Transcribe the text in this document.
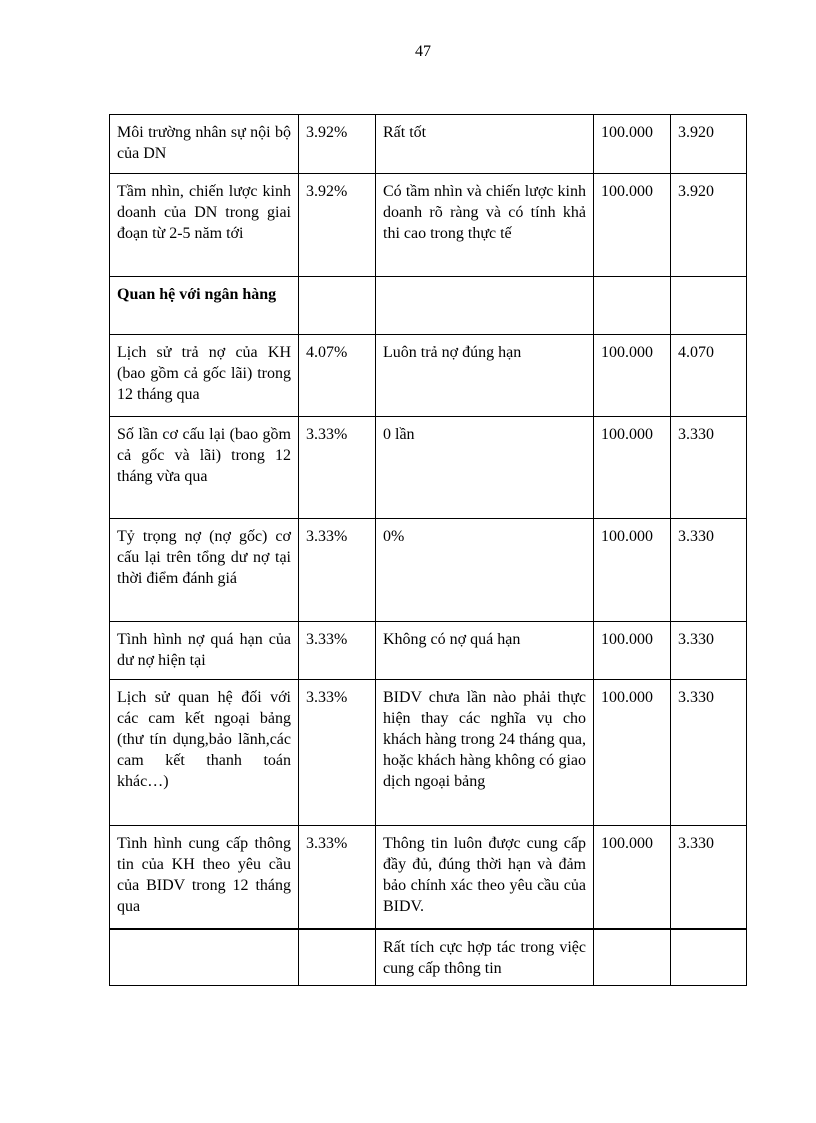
47
Môi trường nhân sự nội bộ của DN	3.92%	Rất tốt	100.000	3.920
Tầm nhìn, chiến lược kinh doanh của DN trong giai đoạn từ 2-5 năm tới	3.92%	Có tầm nhìn và chiến lược kinh doanh rõ ràng và có tính khả thi cao trong thực tế	100.000	3.920
Quan hệ với ngân hàng				
Lịch sử trả nợ của KH (bao gồm cả gốc lãi) trong 12 tháng qua	4.07%	Luôn trả nợ đúng hạn	100.000	4.070
Số lần cơ cấu lại (bao gồm cả gốc và lãi) trong 12 tháng vừa qua	3.33%	0 lần	100.000	3.330
Tỷ trọng nợ (nợ gốc) cơ cấu lại trên tổng dư nợ tại thời điểm đánh giá	3.33%	0%	100.000	3.330
Tình hình nợ quá hạn của dư nợ hiện tại	3.33%	Không có nợ quá hạn	100.000	3.330
Lịch sử quan hệ đối với các cam kết ngoại bảng (thư tín dụng,bảo lãnh,các cam kết thanh toán khác…)	3.33%	BIDV chưa lần nào phải thực hiện thay các nghĩa vụ cho khách hàng trong 24 tháng qua, hoặc khách hàng không có giao dịch ngoại bảng	100.000	3.330
Tình hình cung cấp thông tin của KH theo yêu cầu của BIDV trong 12 tháng qua	3.33%	Thông tin luôn được cung cấp đầy đủ, đúng thời hạn và đảm bảo chính xác theo yêu cầu của BIDV.	100.000	3.330
		Rất tích cực hợp tác trong việc cung cấp thông tin		
